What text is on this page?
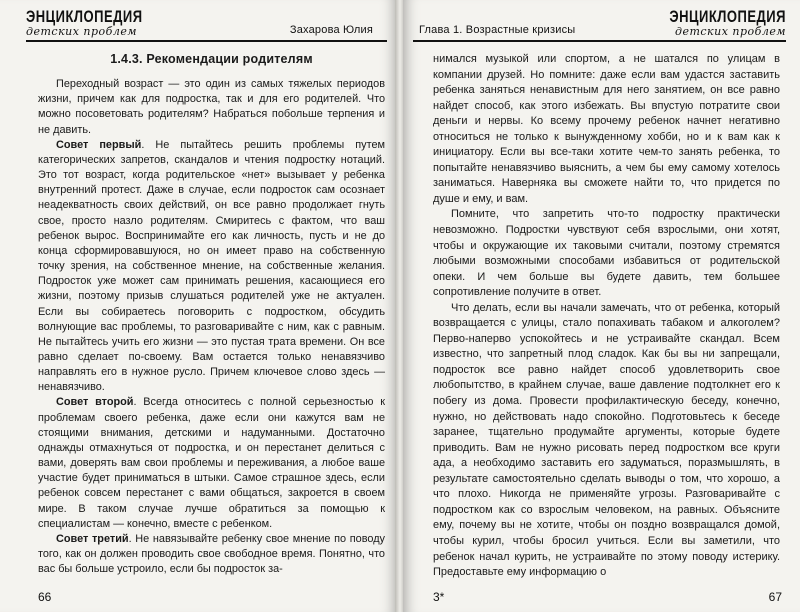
ЭНЦИКЛОПЕДИЯ
детских проблем	Захарова Юлия
1.4.3. Рекомендации родителям

Переходный возраст — это один из самых тяжелых периодов жизни, причем как для подростка, так и для его родителей. Что можно посоветовать родителям? Набраться побольше терпения и не давить.

Совет первый. Не пытайтесь решить проблемы путем категорических запретов, скандалов и чтения подростку нотаций. Это тот возраст, когда родительское «нет» вызывает у ребенка внутренний протест. Даже в случае, если подросток сам осознает неадекватность своих действий, он все равно продолжает гнуть свое, просто назло родителям. Смиритесь с фактом, что ваш ребенок вырос. Воспринимайте его как личность, пусть и не до конца сформировавшуюся, но он имеет право на собственную точку зрения, на собственное мнение, на собственные желания. Подросток уже может сам принимать решения, касающиеся его жизни, поэтому призыв слушаться родителей уже не актуален. Если вы собираетесь поговорить с подростком, обсудить волнующие вас проблемы, то разговаривайте с ним, как с равным. Не пытайтесь учить его жизни — это пустая трата времени. Он все равно сделает по-своему. Вам остается только ненавязчиво направлять его в нужное русло. Причем ключевое слово здесь — ненавязчиво.

Совет второй. Всегда относитесь с полной серьезностью к проблемам своего ребенка, даже если они кажутся вам не стоящими внимания, детскими и надуманными. Достаточно однажды отмахнуться от подростка, и он перестанет делиться с вами, доверять вам свои проблемы и переживания, а любое ваше участие будет приниматься в штыки. Самое страшное здесь, если ребенок совсем перестанет с вами общаться, закроется в своем мире. В таком случае лучше обратиться за помощью к специалистам — конечно, вместе с ребенком.

Совет третий. Не навязывайте ребенку свое мнение по поводу того, как он должен проводить свое свободное время. Понятно, что вас бы больше устроило, если бы подросток за-

66
Глава 1. Возрастные кризисы
ЭНЦИКЛОПЕДИЯ
детских проблем

нимался музыкой или спортом, а не шатался по улицам в компании друзей. Но помните: даже если вам удастся заставить ребенка заняться ненавистным для него занятием, он все равно найдет способ, как этого избежать. Вы впустую потратите свои деньги и нервы. Ко всему прочему ребенок начнет негативно относиться не только к вынужденному хобби, но и к вам как к инициатору. Если вы все-таки хотите чем-то занять ребенка, то попытайте ненавязчиво выяснить, а чем бы ему самому хотелось заниматься. Наверняка вы сможете найти то, что придется по душе и ему, и вам.

Помните, что запретить что-то подростку практически невозможно. Подростки чувствуют себя взрослыми, они хотят, чтобы и окружающие их таковыми считали, поэтому стремятся любыми возможными способами избавиться от родительской опеки. И чем больше вы будете давить, тем большее сопротивление получите в ответ.

Что делать, если вы начали замечать, что от ребенка, который возвращается с улицы, стало попахивать табаком и алкоголем? Перво-наперво успокойтесь и не устраивайте скандал. Всем известно, что запретный плод сладок. Как бы вы ни запрещали, подросток все равно найдет способ удовлетворить свое любопытство, в крайнем случае, ваше давление подтолкнет его к побегу из дома. Провести профилактическую беседу, конечно, нужно, но действовать надо спокойно. Подготовьтесь к беседе заранее, тщательно продумайте аргументы, которые будете приводить. Вам не нужно рисовать перед подростком все круги ада, а необходимо заставить его задуматься, поразмышлять, в результате самостоятельно сделать выводы о том, что хорошо, а что плохо. Никогда не применяйте угрозы. Разговаривайте с подростком как со взрослым человеком, на равных. Объясните ему, почему вы не хотите, чтобы он поздно возвращался домой, чтобы курил, чтобы бросил учиться. Если вы заметили, что ребенок начал курить, не устраивайте по этому поводу истерику. Предоставьте ему информацию о

3*	67
